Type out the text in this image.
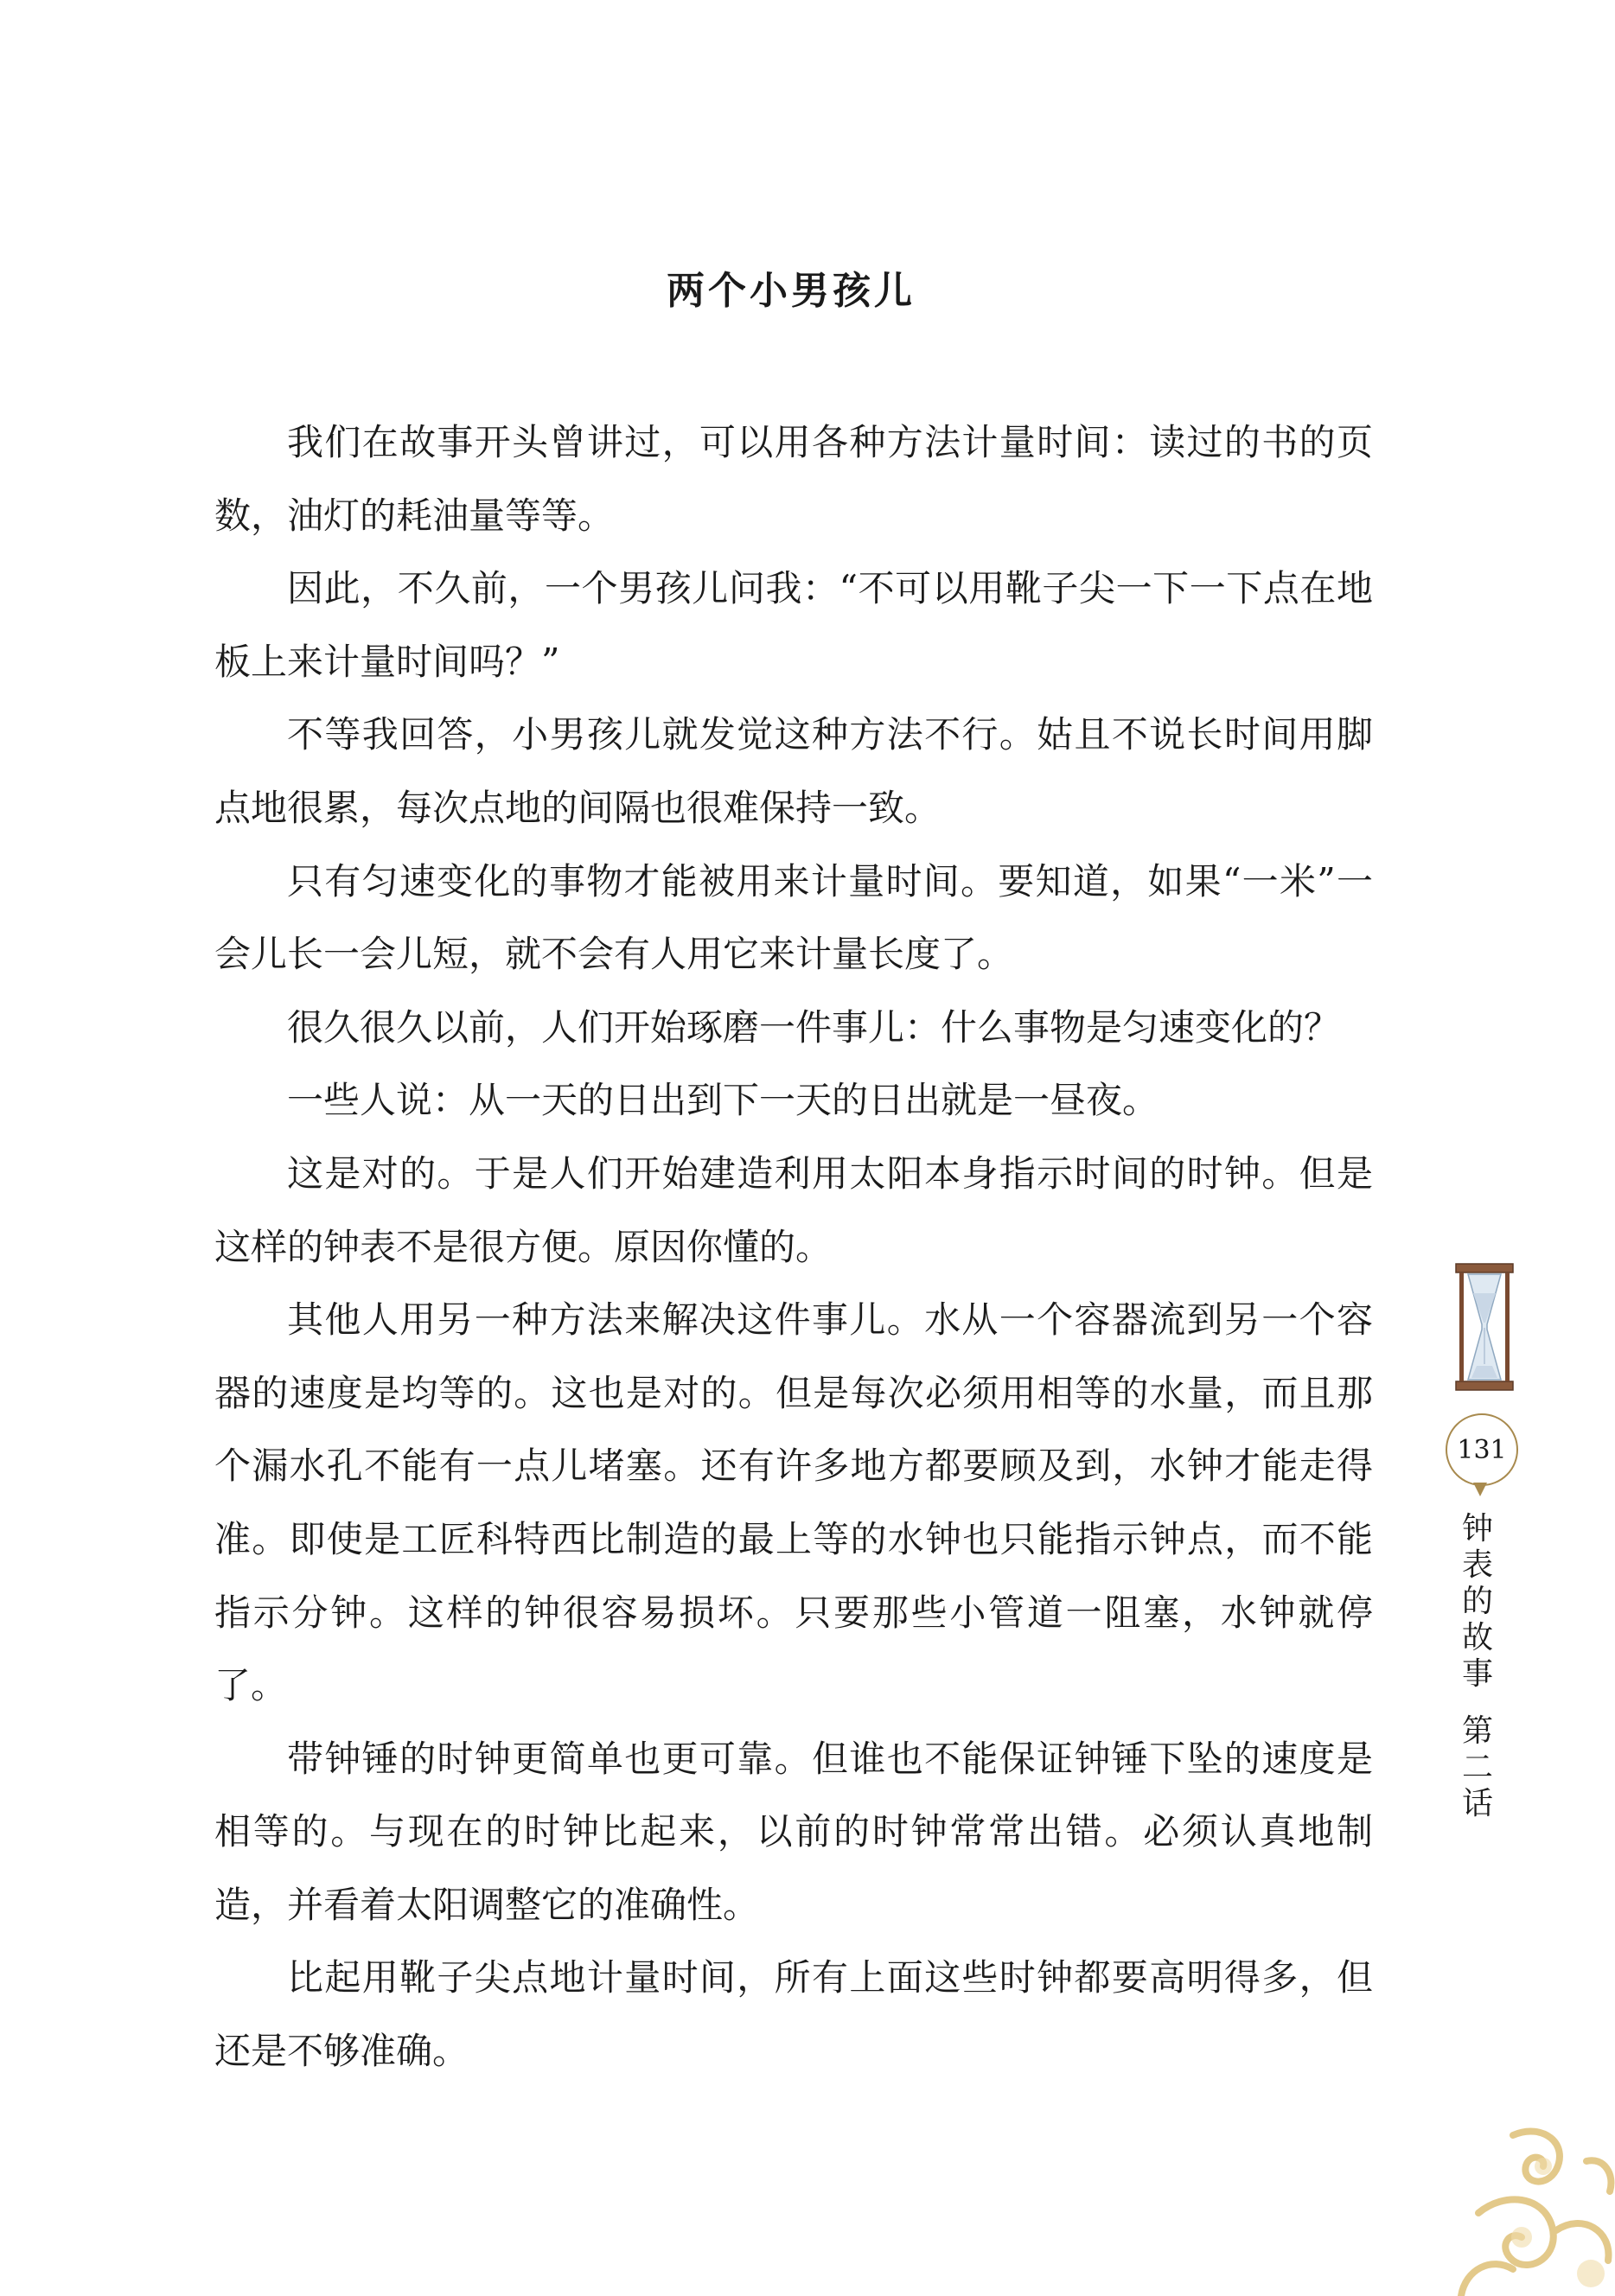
两个小男孩儿

我们在故事开头曾讲过，可以用各种方法计量时间：读过的书的页数，油灯的耗油量等等。

因此，不久前，一个男孩儿问我：“不可以用靴子尖一下一下点在地板上来计量时间吗？”

不等我回答，小男孩儿就发觉这种方法不行。姑且不说长时间用脚点地很累，每次点地的间隔也很难保持一致。

只有匀速变化的事物才能被用来计量时间。要知道，如果“一米”一会儿长一会儿短，就不会有人用它来计量长度了。

很久很久以前，人们开始琢磨一件事儿：什么事物是匀速变化的？

一些人说：从一天的日出到下一天的日出就是一昼夜。

这是对的。于是人们开始建造利用太阳本身指示时间的时钟。但是这样的钟表不是很方便。原因你懂的。

其他人用另一种方法来解决这件事儿。水从一个容器流到另一个容器的速度是均等的。这也是对的。但是每次必须用相等的水量，而且那个漏水孔不能有一点儿堵塞。还有许多地方都要顾及到，水钟才能走得准。即使是工匠科特西比制造的最上等的水钟也只能指示钟点，而不能指示分钟。这样的钟很容易损坏。只要那些小管道一阻塞，水钟就停了。

带钟锤的时钟更简单也更可靠。但谁也不能保证钟锤下坠的速度是相等的。与现在的时钟比起来，以前的时钟常常出错。必须认真地制造，并看着太阳调整它的准确性。

比起用靴子尖点地计量时间，所有上面这些时钟都要高明得多，但还是不够准确。

131
钟
表
的
故
事
第
二
话
